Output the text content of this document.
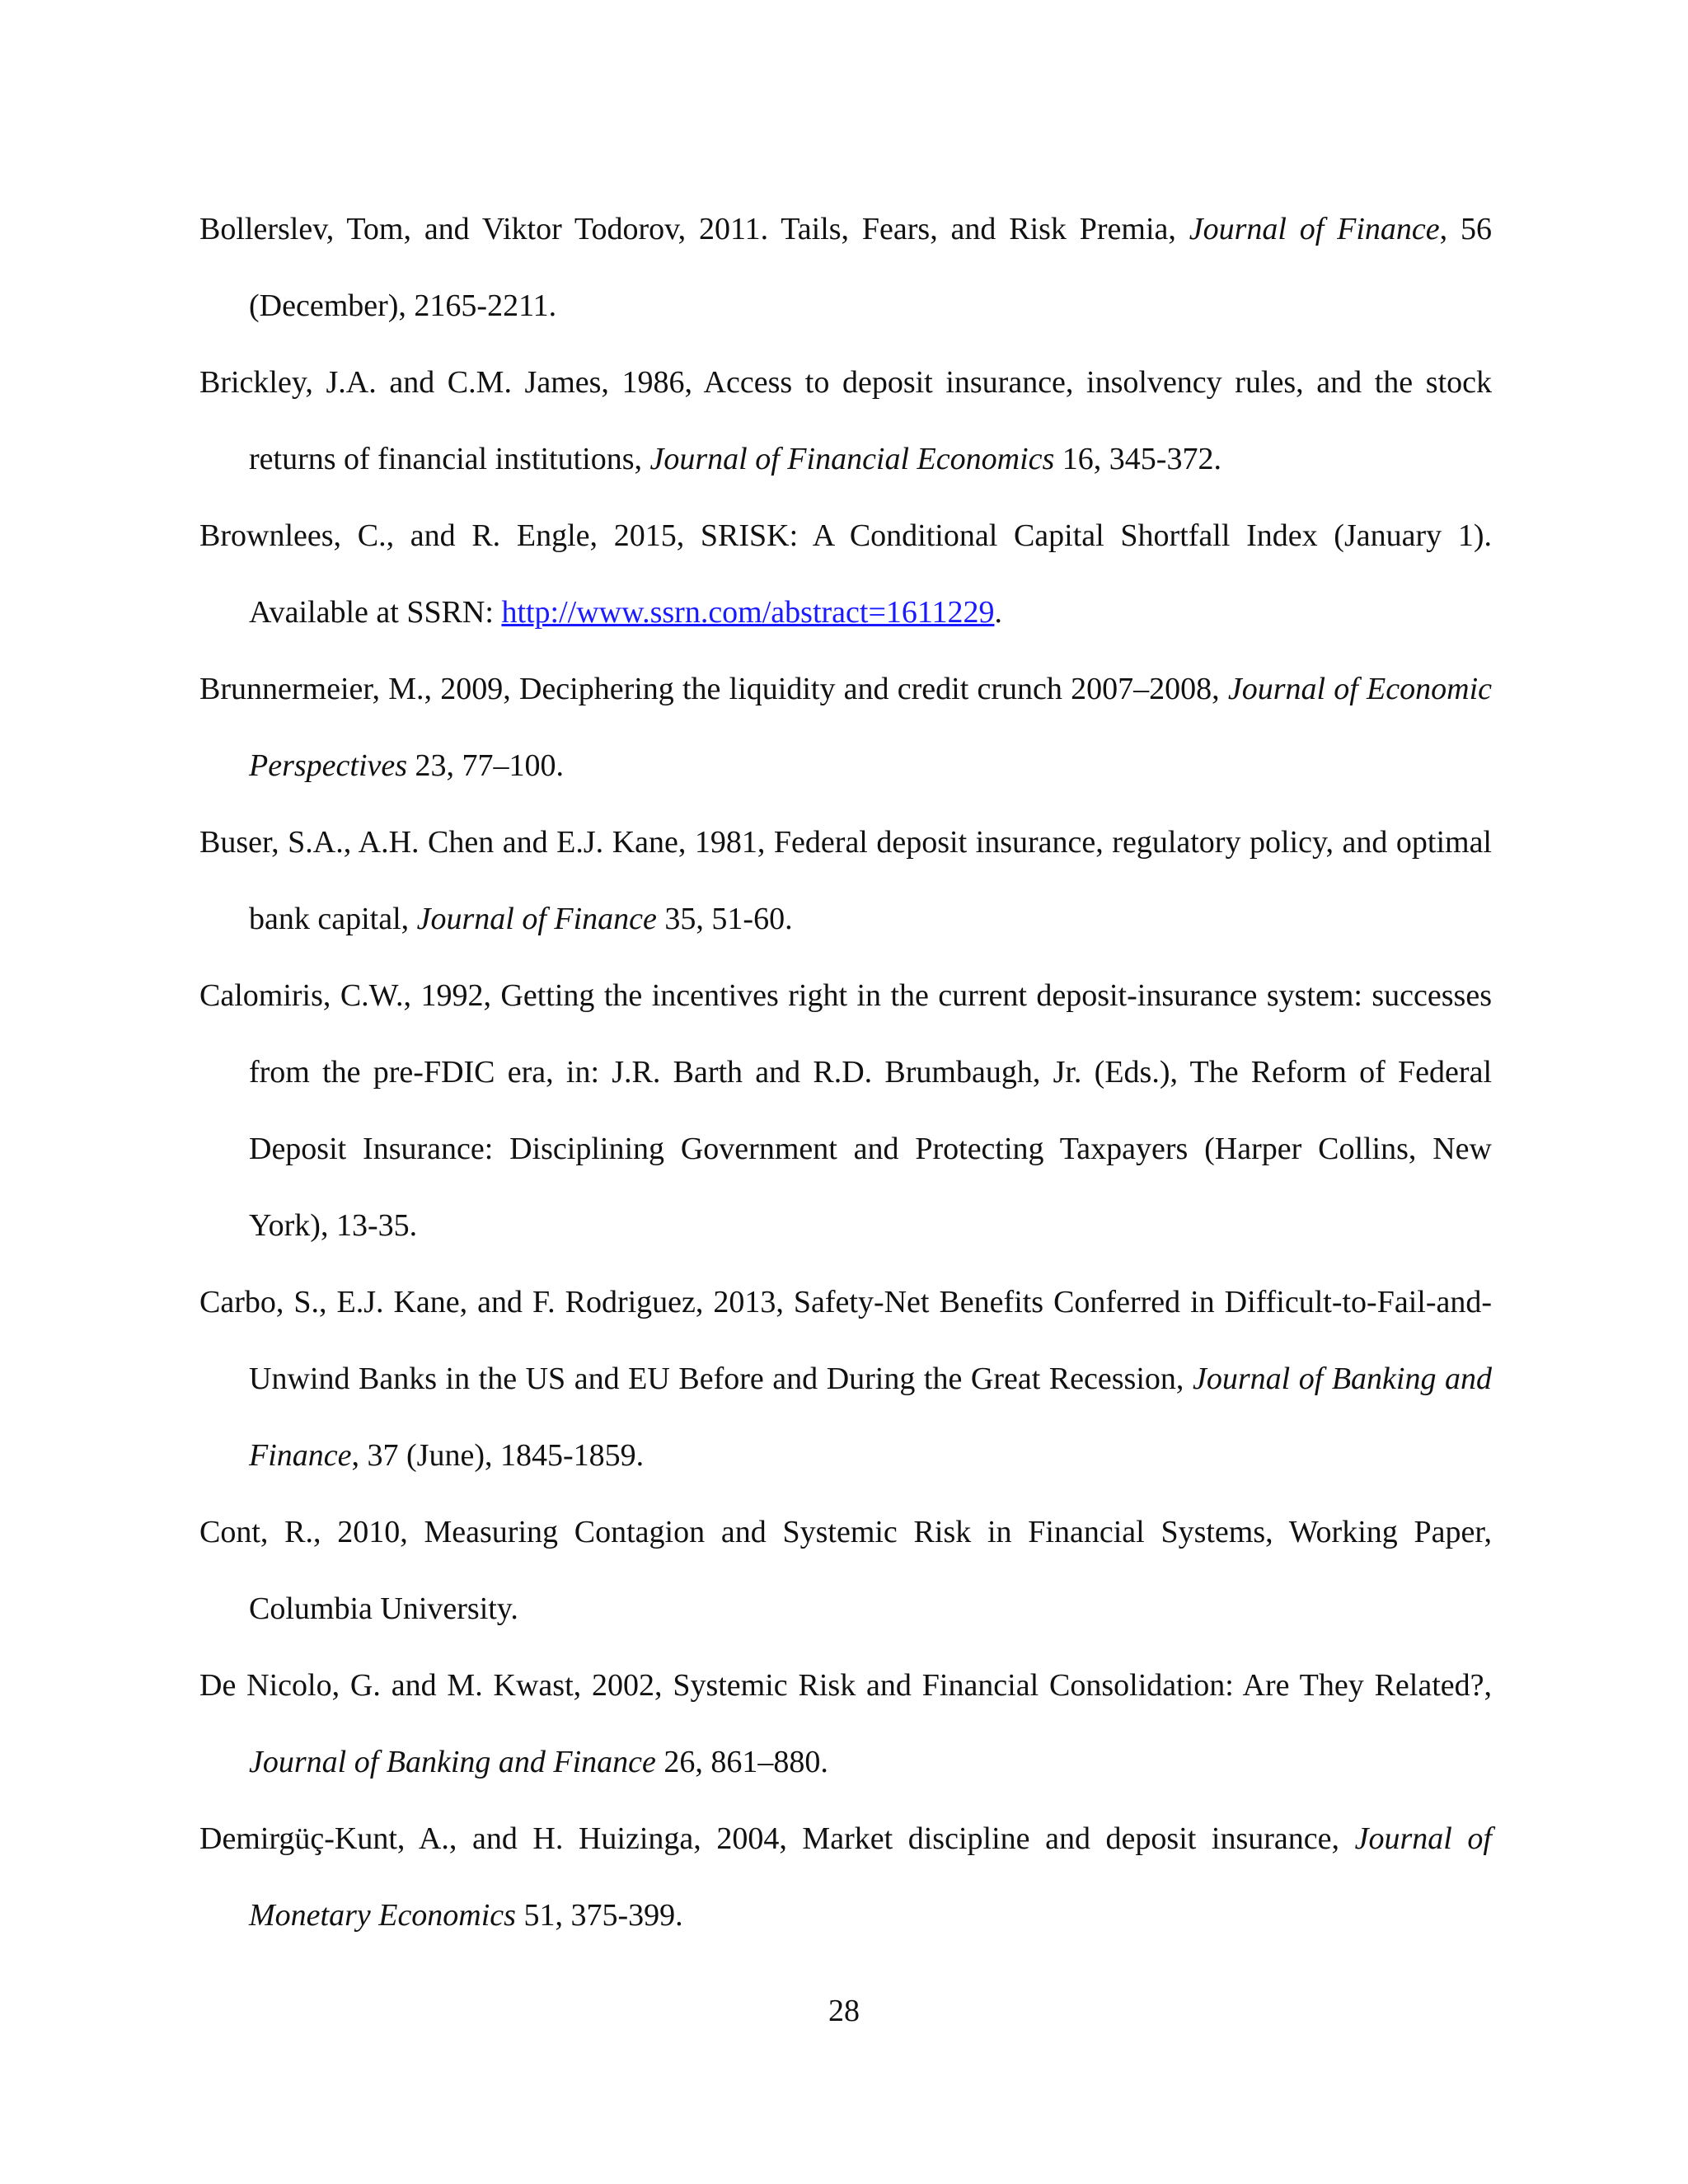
Bollerslev, Tom, and Viktor Todorov, 2011. Tails, Fears, and Risk Premia, Journal of Finance, 56 (December), 2165-2211.

Brickley, J.A. and C.M. James, 1986, Access to deposit insurance, insolvency rules, and the stock returns of financial institutions, Journal of Financial Economics 16, 345-372.

Brownlees, C., and R. Engle, 2015, SRISK: A Conditional Capital Shortfall Index (January 1). Available at SSRN: http://www.ssrn.com/abstract=1611229.

Brunnermeier, M., 2009, Deciphering the liquidity and credit crunch 2007–2008, Journal of Economic Perspectives 23, 77–100.

Buser, S.A., A.H. Chen and E.J. Kane, 1981, Federal deposit insurance, regulatory policy, and optimal bank capital, Journal of Finance 35, 51-60.

Calomiris, C.W., 1992, Getting the incentives right in the current deposit-insurance system: successes from the pre-FDIC era, in: J.R. Barth and R.D. Brumbaugh, Jr. (Eds.), The Reform of Federal Deposit Insurance: Disciplining Government and Protecting Taxpayers (Harper Collins, New York), 13-35.

Carbo, S., E.J. Kane, and F. Rodriguez, 2013, Safety-Net Benefits Conferred in Difficult-to-Fail-and-Unwind Banks in the US and EU Before and During the Great Recession, Journal of Banking and Finance, 37 (June), 1845-1859.

Cont, R., 2010, Measuring Contagion and Systemic Risk in Financial Systems, Working Paper, Columbia University.

De Nicolo, G. and M. Kwast, 2002, Systemic Risk and Financial Consolidation: Are They Related?, Journal of Banking and Finance 26, 861–880.

Demirgüç-Kunt, A., and H. Huizinga, 2004, Market discipline and deposit insurance, Journal of Monetary Economics 51, 375-399.

28
